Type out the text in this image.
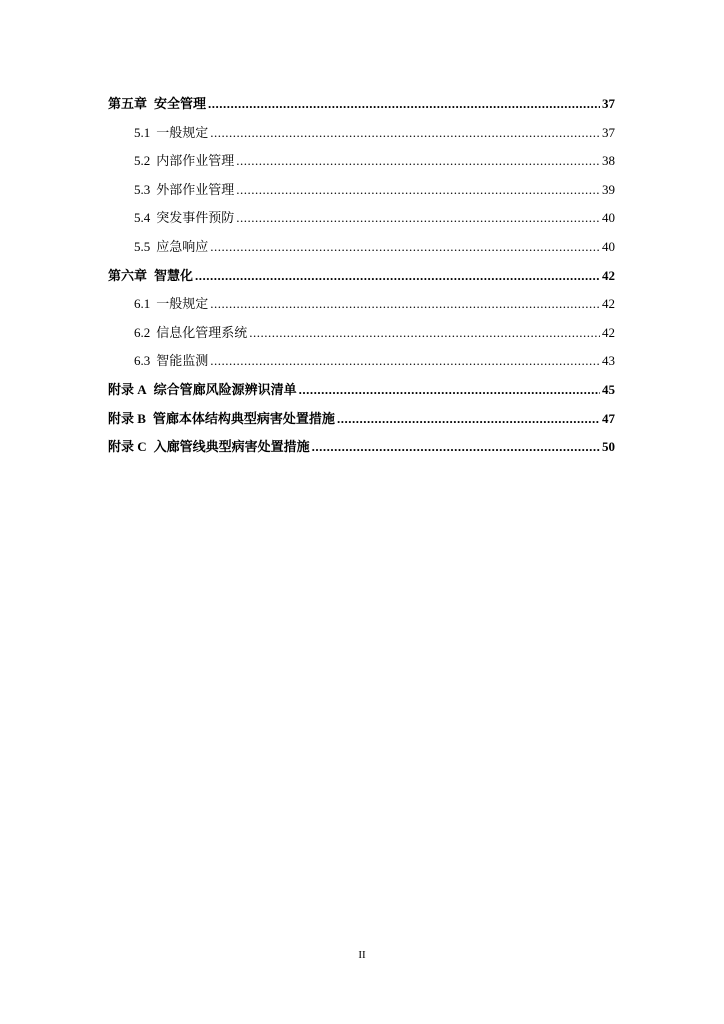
第五章 安全管理 .....	37
5.1 一般规定 .....	37
5.2 内部作业管理 .....	38
5.3 外部作业管理 .....	39
5.4 突发事件预防 .....	40
5.5 应急响应 .....	40
第六章 智慧化 .....	42
6.1 一般规定 .....	42
6.2 信息化管理系统 .....	42
6.3 智能监测 .....	43
附录 A 综合管廊风险源辨识清单 .....	45
附录 B 管廊本体结构典型病害处置措施 .....	47
附录 C 入廊管线典型病害处置措施 .....	50
II
